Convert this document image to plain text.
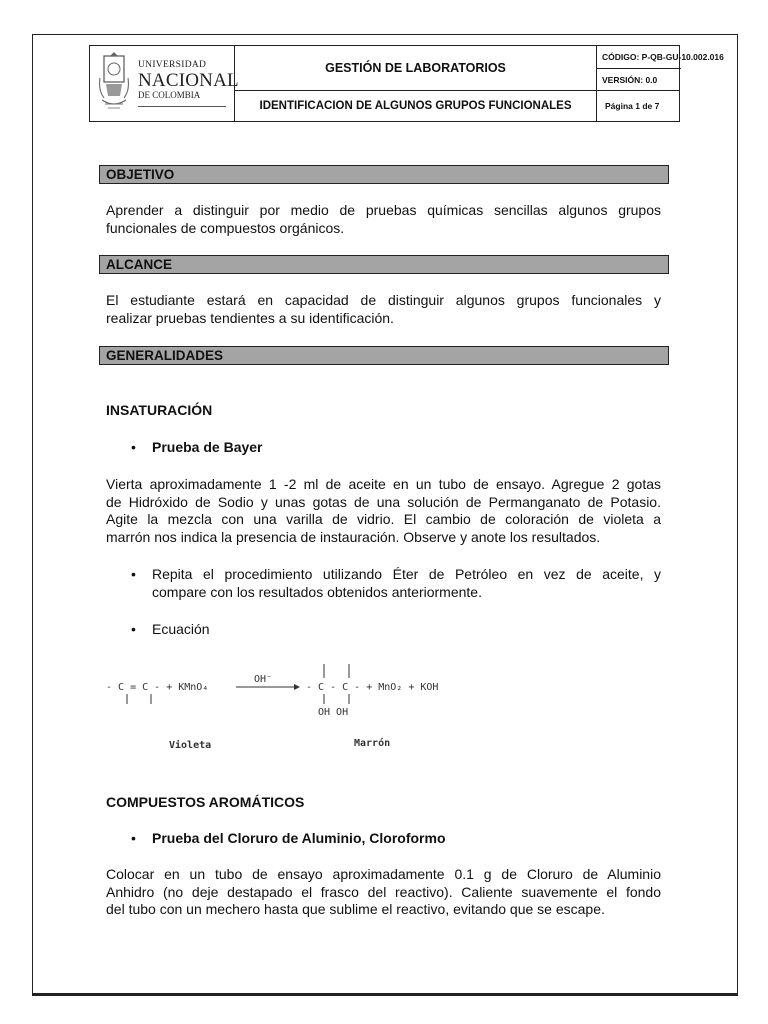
UNIVERSIDAD
NACIONAL
DE COLOMBIA
GESTIÓN DE LABORATORIOS
IDENTIFICACION DE ALGUNOS GRUPOS FUNCIONALES
CÓDIGO: P-QB-GU-10.002.016
VERSIÓN: 0.0
Página 1 de 7
OBJETIVO
Aprender a distinguir por medio de pruebas químicas sencillas algunos grupos
funcionales de compuestos orgánicos.
ALCANCE
El estudiante estará en capacidad de distinguir algunos grupos funcionales y
realizar pruebas tendientes a su identificación.
GENERALIDADES
INSATURACIÓN
• Prueba de Bayer
Vierta aproximadamente 1 -2 ml de aceite en un tubo de ensayo. Agregue 2 gotas
de Hidróxido de Sodio y unas gotas de una solución de Permanganato de Potasio.
Agite la mezcla con una varilla de vidrio. El cambio de coloración de violeta a
marrón nos indica la presencia de instauración. Observe y anote los resultados.
• Repita el procedimiento utilizando Éter de Petróleo en vez de aceite, y
compare con los resultados obtenidos anteriormente.
• Ecuación
- C = C - + KMnO₄
OH⁻
- C - C - + MnO₂ + KOH
OH OH
Violeta	Marrón
COMPUESTOS AROMÁTICOS
• Prueba del Cloruro de Aluminio, Cloroformo
Colocar en un tubo de ensayo aproximadamente 0.1 g de Cloruro de Aluminio
Anhidro (no deje destapado el frasco del reactivo). Caliente suavemente el fondo
del tubo con un mechero hasta que sublime el reactivo, evitando que se escape.
